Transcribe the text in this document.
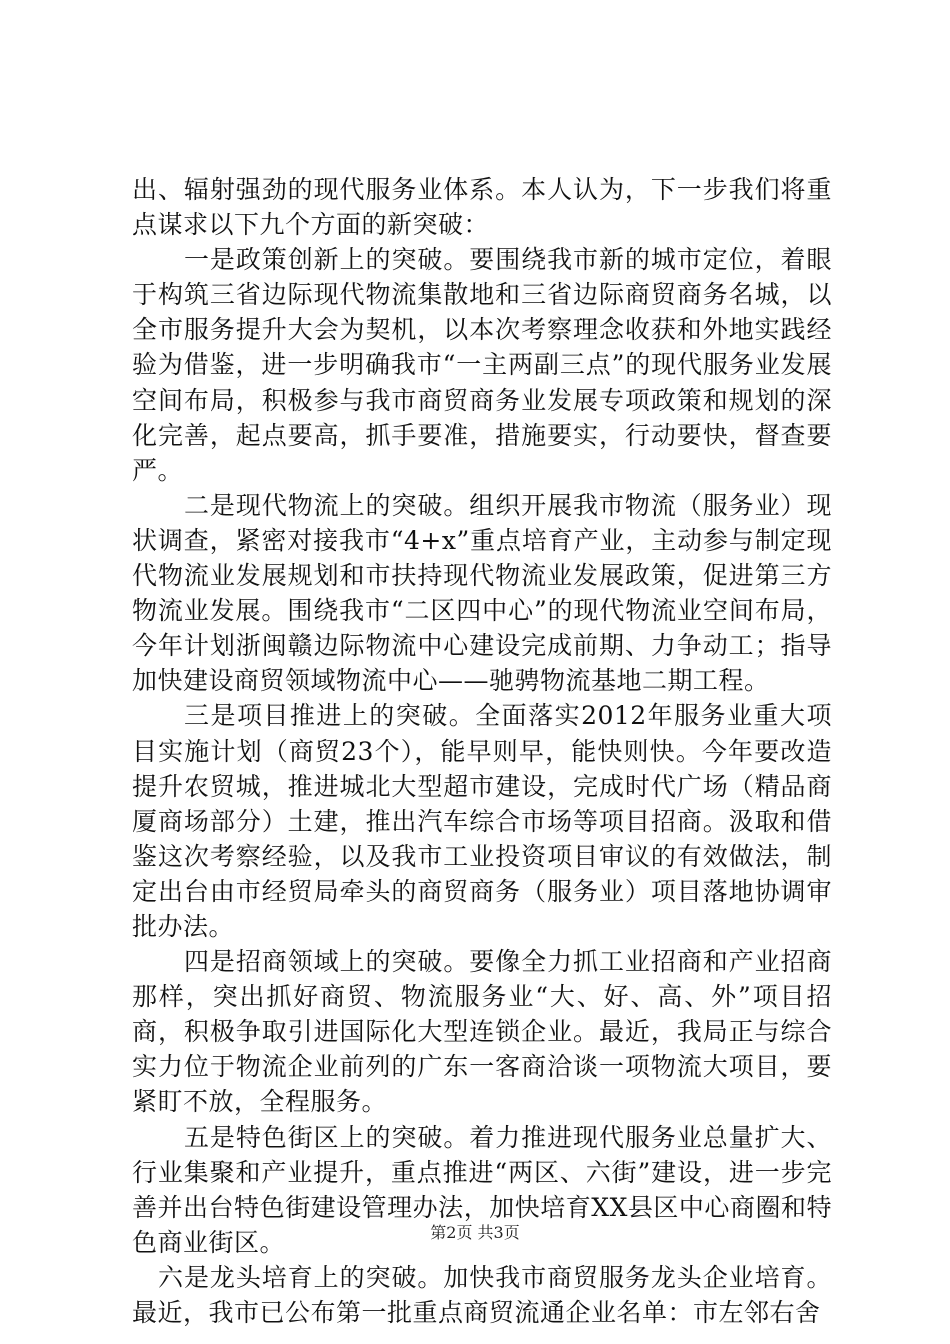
出、辐射强劲的现代服务业体系。本人认为，下一步我们将重点谋求以下九个方面的新突破：

一是政策创新上的突破。要围绕我市新的城市定位，着眼于构筑三省边际现代物流集散地和三省边际商贸商务名城，以全市服务提升大会为契机，以本次考察理念收获和外地实践经验为借鉴，进一步明确我市“一主两副三点”的现代服务业发展空间布局，积极参与我市商贸商务业发展专项政策和规划的深化完善，起点要高，抓手要准，措施要实，行动要快，督查要严。

二是现代物流上的突破。组织开展我市物流（服务业）现状调查，紧密对接我市“4+x”重点培育产业，主动参与制定现代物流业发展规划和市扶持现代物流业发展政策，促进第三方物流业发展。围绕我市“二区四中心”的现代物流业空间布局，今年计划浙闽赣边际物流中心建设完成前期、力争动工；指导加快建设商贸领域物流中心——驰骋物流基地二期工程。

三是项目推进上的突破。全面落实2012年服务业重大项目实施计划（商贸23个），能早则早，能快则快。今年要改造提升农贸城，推进城北大型超市建设，完成时代广场（精品商厦商场部分）土建，推出汽车综合市场等项目招商。汲取和借鉴这次考察经验，以及我市工业投资项目审议的有效做法，制定出台由市经贸局牵头的商贸商务（服务业）项目落地协调审批办法。

四是招商领域上的突破。要像全力抓工业招商和产业招商那样，突出抓好商贸、物流服务业“大、好、高、外”项目招商，积极争取引进国际化大型连锁企业。最近，我局正与综合实力位于物流企业前列的广东一客商洽谈一项物流大项目，要紧盯不放，全程服务。

五是特色街区上的突破。着力推进现代服务业总量扩大、行业集聚和产业提升，重点推进“两区、六街”建设，进一步完善并出台特色街建设管理办法，加快培育XX县区中心商圈和特色商业街区。

六是龙头培育上的突破。加快我市商贸服务龙头企业培育。最近，我市已公布第一批重点商贸流通企业名单：市左邻右舍

第2页 共3页
